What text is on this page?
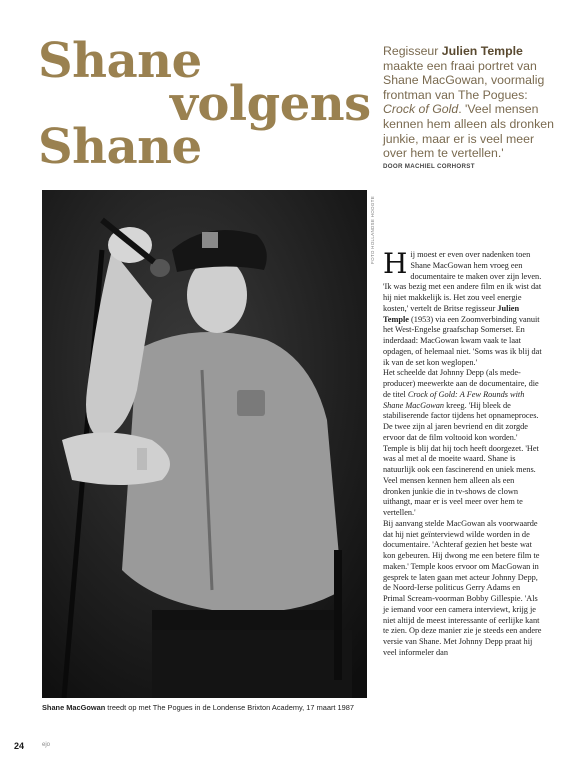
Shane
volgens
Shane
Regisseur Julien Temple maakte een fraai portret van Shane MacGowan, voormalig frontman van The Pogues: Crock of Gold. 'Veel mensen kennen hem alleen als dronken junkie, maar er is veel meer over hem te vertellen.'
DOOR MACHIEL CORHORST
FOTO HOLLANDSE HOOGTE
Shane MacGowan treedt op met The Pogues in de Londense Brixton Academy, 17 maart 1987

Hij moest er even over nadenken toen Shane MacGowan hem vroeg een documentaire te maken over zijn leven. 'Ik was bezig met een andere film en ik wist dat hij niet makkelijk is. Het zou veel energie kosten,' vertelt de Britse regisseur Julien Temple (1953) via een Zoomverbinding vanuit het West-Engelse graafschap Somerset. En inderdaad: MacGowan kwam vaak te laat opdagen, of helemaal niet. 'Soms was ik blij dat ik van de set kon weglopen.'

Het scheelde dat Johnny Depp (als mede-producer) meewerkte aan de documentaire, die de titel Crock of Gold: A Few Rounds with Shane MacGowan kreeg. 'Hij bleek de stabiliserende factor tijdens het opnameproces. De twee zijn al jaren bevriend en dit zorgde ervoor dat de film voltooid kon worden.'

Temple is blij dat hij toch heeft doorgezet. 'Het was al met al de moeite waard. Shane is natuurlijk ook een fascinerend en uniek mens. Veel mensen kennen hem alleen als een dronken junkie die in tv-shows de clown uithangt, maar er is veel meer over hem te vertellen.'

Bij aanvang stelde MacGowan als voorwaarde dat hij niet geïnterviewd wilde worden in de documentaire. 'Achteraf gezien het beste wat kon gebeuren. Hij dwong me een betere film te maken.' Temple koos ervoor om MacGowan in gesprek te laten gaan met acteur Johnny Depp, de Noord-Ierse politicus Gerry Adams en Primal Scream-voorman Bobby Gillespie. 'Als je iemand voor een camera interviewt, krijg je niet altijd de meest interessante of eerlijke kant te zien. Op deze manier zie je steeds een andere versie van Shane. Met Johnny Depp praat hij veel informeler dan

24	ejo
